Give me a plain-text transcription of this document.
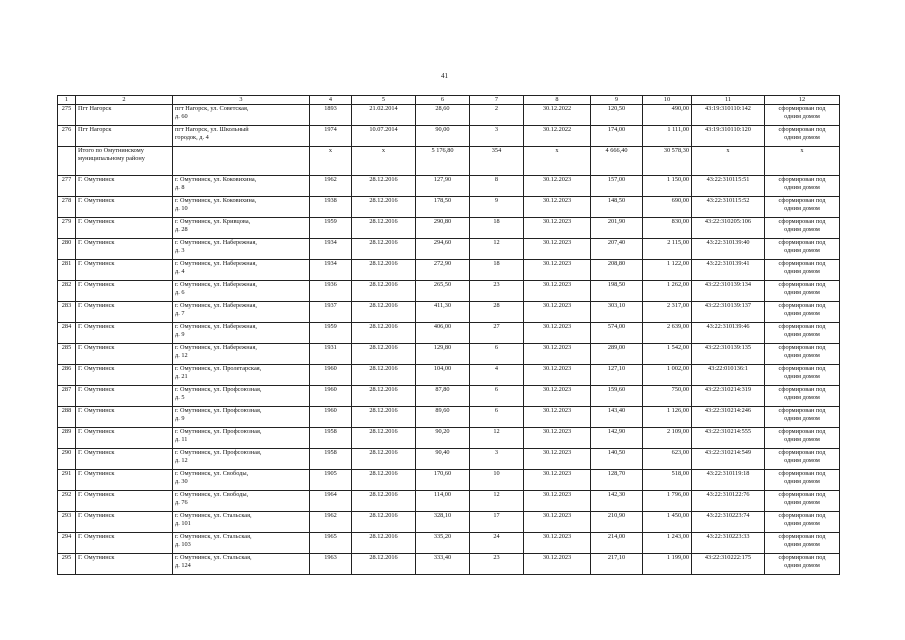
41
1	2	3	4	5	6	7	8	9	10	11	12
275	Пгт Нагорск	пгт Нагорск, ул. Советская,
д. 60	1893	21.02.2014	28,60	2	30.12.2022	120,50	490,00	43:19:310110:142	сформирован под
одним домом
276	Пгт Нагорск	пгт Нагорск, ул. Школьный
городок, д. 4	1974	10.07.2014	90,00	3	30.12.2022	174,00	1 111,00	43:19:310110:120	сформирован под
одним домом
	Итого по Омутнинскому
муниципальному району		x	x	5 176,80	354	x	4 666,40	30 578,30	x	x
277	Г. Омутнинск	г. Омутнинск, ул. Коковихина,
д. 8	1962	28.12.2016	127,90	8	30.12.2023	157,00	1 150,00	43:22:310115:51	сформирован под
одним домом
278	Г. Омутнинск	г. Омутнинск, ул. Коковихина,
д. 10	1938	28.12.2016	178,50	9	30.12.2023	148,50	690,00	43:22:310115:52	сформирован под
одним домом
279	Г. Омутнинск	г. Омутнинск, ул. Кривцова,
д. 28	1959	28.12.2016	290,80	18	30.12.2023	201,90	830,00	43:22:310205:106	сформирован под
одним домом
280	Г. Омутнинск	г. Омутнинск, ул. Набережная,
д. 3	1934	28.12.2016	294,60	12	30.12.2023	207,40	2 115,00	43:22:310139:40	сформирован под
одним домом
281	Г. Омутнинск	г. Омутнинск, ул. Набережная,
д. 4	1934	28.12.2016	272,90	18	30.12.2023	208,80	1 122,00	43:22:310139:41	сформирован под
одним домом
282	Г. Омутнинск	г. Омутнинск, ул. Набережная,
д. 6	1936	28.12.2016	265,50	23	30.12.2023	198,50	1 262,00	43:22:310139:134	сформирован под
одним домом
283	Г. Омутнинск	г. Омутнинск, ул. Набережная,
д. 7	1937	28.12.2016	411,30	28	30.12.2023	303,10	2 317,00	43:22:310139:137	сформирован под
одним домом
284	Г. Омутнинск	г. Омутнинск, ул. Набережная,
д. 9	1959	28.12.2016	406,00	27	30.12.2023	574,00	2 639,00	43:22:310139:46	сформирован под
одним домом
285	Г. Омутнинск	г. Омутнинск, ул. Набережная,
д. 12	1931	28.12.2016	129,80	6	30.12.2023	289,00	1 542,00	43:22:310139:135	сформирован под
одним домом
286	Г. Омутнинск	г. Омутнинск, ул. Пролетарская,
д. 21	1960	28.12.2016	104,00	4	30.12.2023	127,10	1 002,00	43:22:010136:1	сформирован под
одним домом
287	Г. Омутнинск	г. Омутнинск, ул. Профсоюзная,
д. 5	1960	28.12.2016	87,80	6	30.12.2023	159,60	750,00	43:22:310214:319	сформирован под
одним домом
288	Г. Омутнинск	г. Омутнинск, ул. Профсоюзная,
д. 9	1960	28.12.2016	89,60	6	30.12.2023	143,40	1 126,00	43:22:310214:246	сформирован под
одним домом
289	Г. Омутнинск	г. Омутнинск, ул. Профсоюзная,
д. 11	1958	28.12.2016	90,20	12	30.12.2023	142,90	2 109,00	43:22:310214:555	сформирован под
одним домом
290	Г. Омутнинск	г. Омутнинск, ул. Профсоюзная,
д. 12	1958	28.12.2016	90,40	3	30.12.2023	140,50	623,00	43:22:310214:549	сформирован под
одним домом
291	Г. Омутнинск	г. Омутнинск, ул. Свободы,
д. 30	1905	28.12.2016	170,60	10	30.12.2023	128,70	518,00	43:22:310119:18	сформирован под
одним домом
292	Г. Омутнинск	г. Омутнинск, ул. Свободы,
д. 76	1964	28.12.2016	114,00	12	30.12.2023	142,30	1 796,00	43:22:310122:76	сформирован под
одним домом
293	Г. Омутнинск	г. Омутнинск, ул. Стальская,
д. 101	1962	28.12.2016	328,10	17	30.12.2023	210,90	1 450,00	43:22:310223:74	сформирован под
одним домом
294	Г. Омутнинск	г. Омутнинск, ул. Стальская,
д. 103	1965	28.12.2016	335,20	24	30.12.2023	214,00	1 243,00	43:22:310223:33	сформирован под
одним домом
295	Г. Омутнинск	г. Омутнинск, ул. Стальская,
д. 124	1963	28.12.2016	333,40	23	30.12.2023	217,10	1 199,00	43:22:310222:175	сформирован под
одним домом
